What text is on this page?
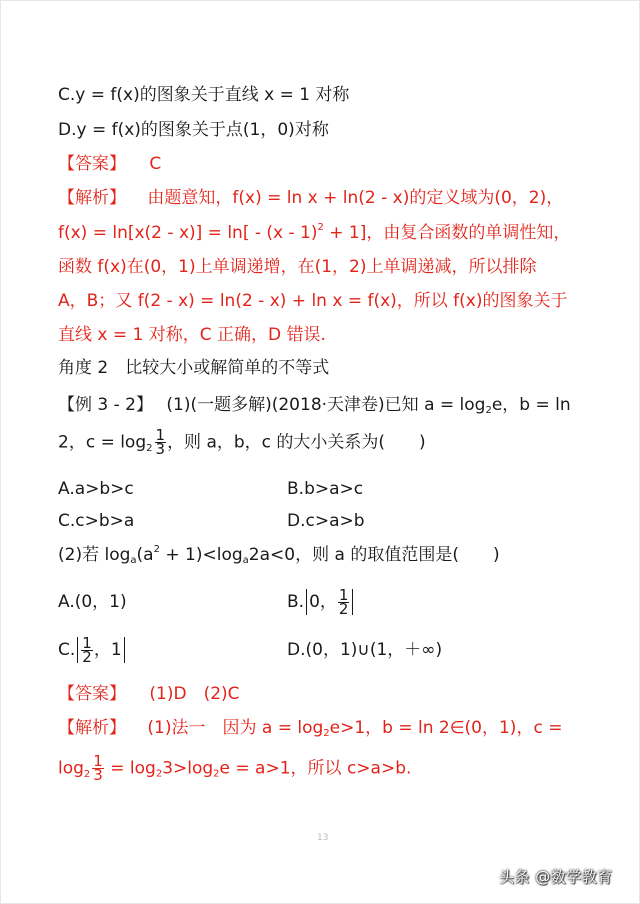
C.y = f(x)的图象关于直线 x = 1 对称
D.y = f(x)的图象关于点(1，0)对称
【答案】 C
【解析】 由题意知，f(x) = ln x + ln(2 - x)的定义域为(0，2)，
f(x) = ln[x(2 - x)] = ln[ - (x - 1)$^2$ + 1]，由复合函数的单调性知，
函数 f(x)在(0，1)上单调递增，在(1，2)上单调递减，所以排除
A，B；又 f(2 - x) = ln(2 - x) + ln x = f(x)，所以 f(x)的图象关于
直线 x = 1 对称，C 正确，D 错误.
角度 2　比较大小或解简单的不等式
【例 3 - 2】 (1)(一题多解)(2018·天津卷)已知 $a = \log_2e$，b = ln
2，$c = \log 2 \frac{1}{3}$ ，则 a，b，c 的大小关系为(　　)
A.a>b>c	B.b>a>c
C.c>b>a	D.c>a>b
(2)若 $\log_a(a^2 + 1)<\log_a2a<0$，则 a 的取值范围是(　　)
A.(0，1)	B. 0， $\frac{1}{2}$
C. $\frac{1}{2}$ ，1	D.(0，1)∪(1，＋∞)
【答案】 (1)D　(2)C
【解析】 (1)法一　因为 $a = \log_2e>1$，b = ln 2∈(0，1)，c =
$\log 2 \frac{1}{3} = \log_23>\log_2e = a>1$，所以 c>a>b.
13
头条 @数学教育
